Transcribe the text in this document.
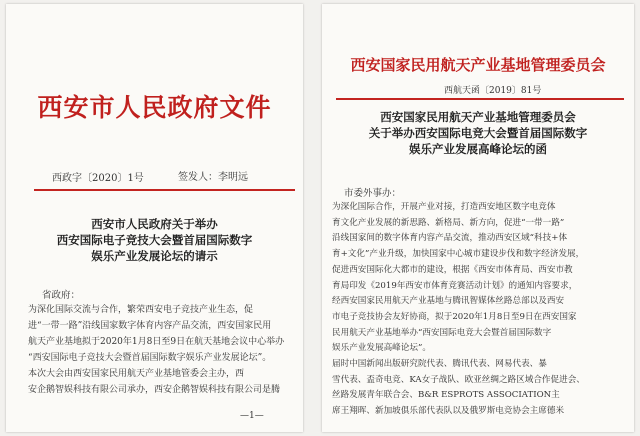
西安市人民政府文件
西政字〔2020〕1号	签发人：李明远
西安市人民政府关于举办
西安国际电子竞技大会暨首届国际数字
娱乐产业发展论坛的请示
省政府：
为深化国际交流与合作，繁荣西安电子竞技产业生态，促
进“一带一路”沿线国家数字体育内容产品交流，西安国家民用
航天产业基地拟于2020年1月8日至9日在航天基地会议中心举办
“西安国际电子竞技大会暨首届国际数字娱乐产业发展论坛”。
本次大会由西安国家民用航天产业基地管委会主办，西
安企鹅智娱科技有限公司承办，西安企鹅智娱科技有限公司是腾
—1—
西安国家民用航天产业基地管理委员会
西航天函〔2019〕81号
西安国家民用航天产业基地管理委员会
关于举办西安国际电竞大会暨首届国际数字
娱乐产业发展高峰论坛的函
市委外事办：
为深化国际合作，开展产业对接，打造西安地区数字电竞体
育文化产业发展的新思路、新格局、新方向，促进“一带一路”
沿线国家间的数字体育内容产品交流，推动西安区域“科技+体
育+文化”产业升级，加快国家中心城市建设步伐和数字经济发展，
促进西安国际化大都市的建设，根据《西安市体育局、西安市教
育局印发《2019年西安市体育竞赛活动计划》的通知内容要求，
经西安国家民用航天产业基地与腾讯智媒体丝路总部以及西安
市电子竞技协会友好协商，拟于2020年1月8日至9日在西安国家
民用航天产业基地举办“西安国际电竞大会暨首届国际数字
娱乐产业发展高峰论坛”。
届时中国新闻出版研究院代表、腾讯代表、网易代表、暴
雪代表、盃奇电竞、KA女子战队、欧亚丝绸之路区域合作促进会、
丝路发展青年联合会、B&R ESPROTS ASSOCIATION主
席王翔晖、新加坡俱乐部代表队以及俄罗斯电竞协会主席德米
